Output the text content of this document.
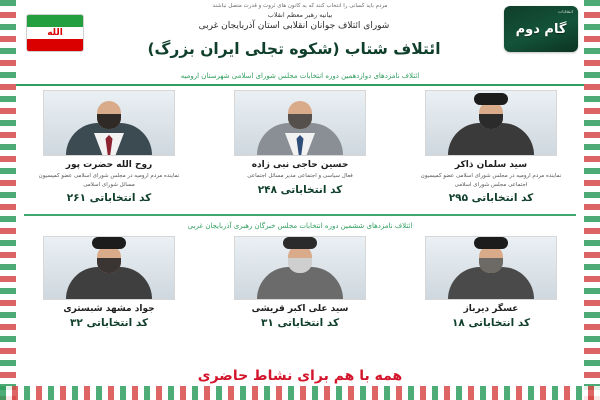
مردم باید کسانی را انتخاب کنند که به کانون های ثروت و قدرت متصل نباشند
بیانیه رهبر معظم انقلاب	انتخابات
گام دوم
الله
شورای ائتلاف جوانان انقلابی استان آذربایجان غربی
ائتلاف شتاب (شکوه تجلی ایران بزرگ)
ائتلاف نامزدهای دوازدهمین دوره انتخابات مجلس شورای اسلامی شهرستان ارومیه
سید سلمان ذاکر
نماینده مردم ارومیه در مجلس شورای اسلامی عضو کمیسیون اجتماعی مجلس شورای اسلامی
کد انتخاباتی ۲۹۵
حسین حاجی نبی زاده
فعال سیاسی و اجتماعی مدیر مسائل اجتماعی
کد انتخاباتی ۲۴۸
روح الله حضرت پور
نماینده مردم ارومیه در مجلس شورای اسلامی عضو کمیسیون مسائل شورای اسلامی
کد انتخاباتی ۲۶۱
ائتلاف نامزدهای ششمین دوره انتخابات مجلس خبرگان رهبری آذربایجان غربی
عسگر دیرباز
کد انتخاباتی ۱۸
سید علی اکبر قریشی
کد انتخاباتی ۳۱
جواد مشهد شبستری
کد انتخاباتی ۳۲
همه با هم برای نشاط حاضری
